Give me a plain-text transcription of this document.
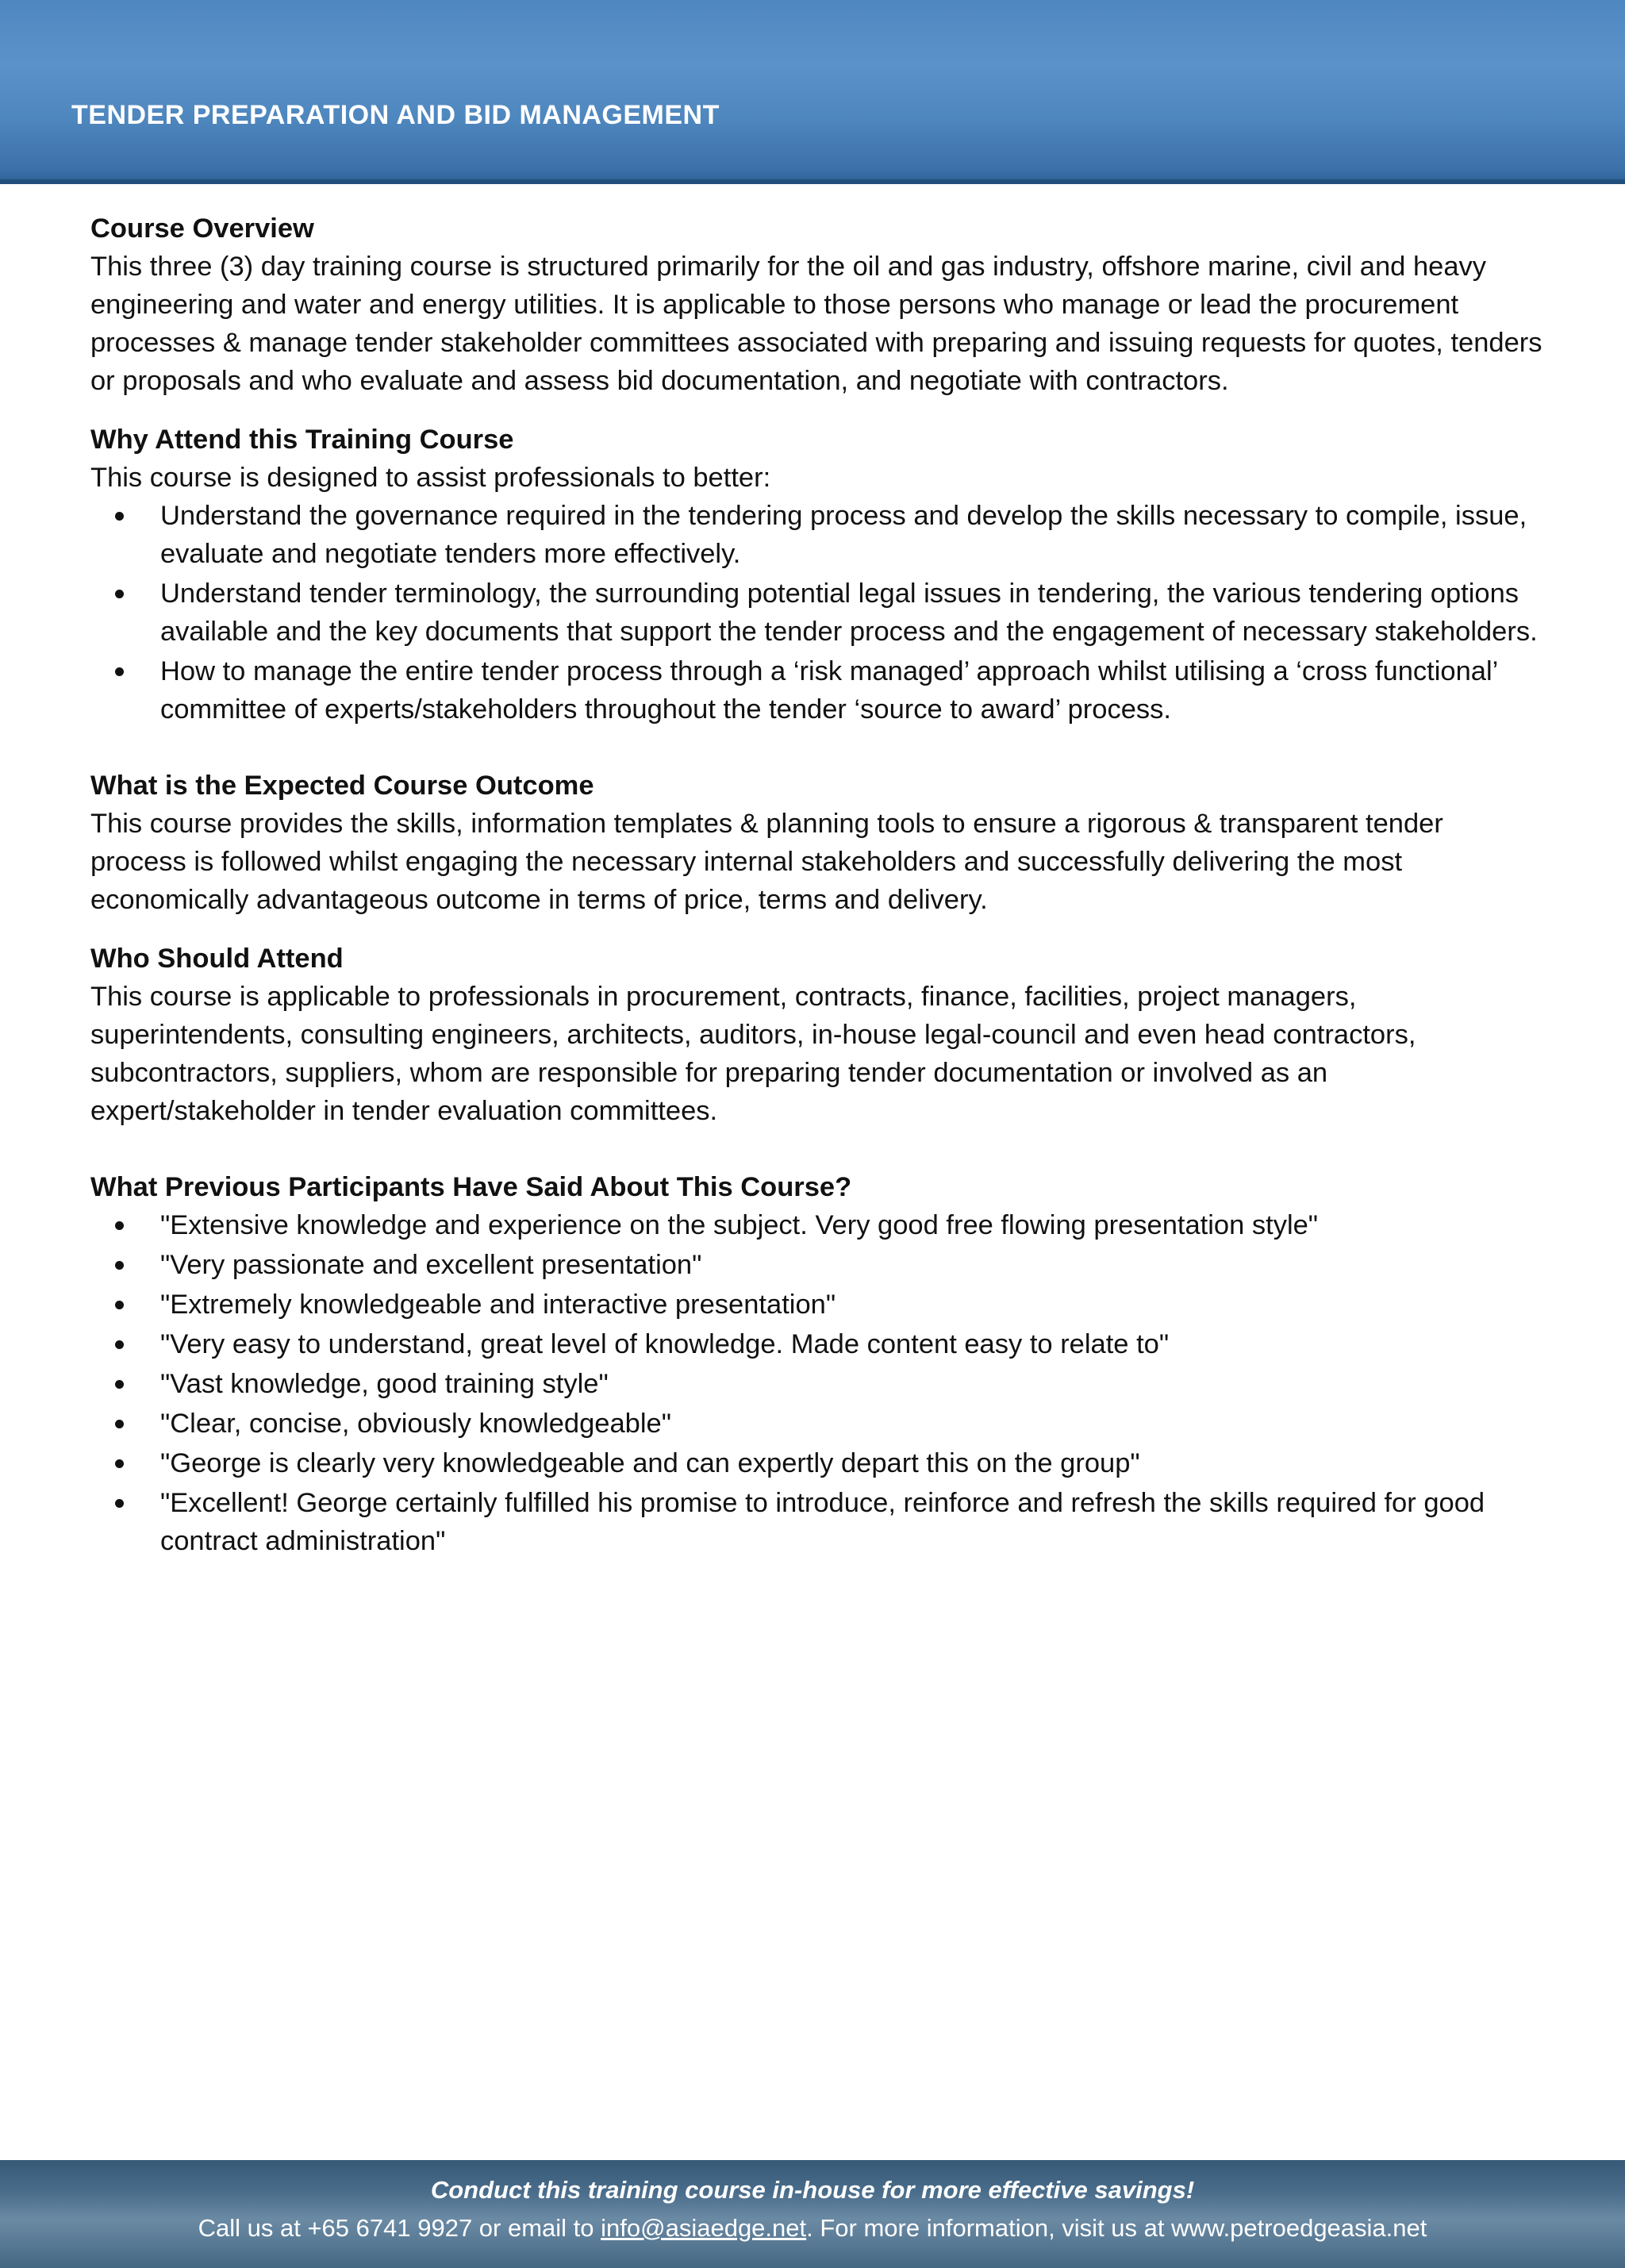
TENDER PREPARATION AND BID MANAGEMENT
Course Overview

This three (3) day training course is structured primarily for the oil and gas industry, offshore marine, civil and heavy engineering and water and energy utilities. It is applicable to those persons who manage or lead the procurement processes & manage tender stakeholder committees associated with preparing and issuing requests for quotes, tenders or proposals and who evaluate and assess bid documentation, and negotiate with contractors.

Why Attend this Training Course

This course is designed to assist professionals to better:

Understand the governance required in the tendering process and develop the skills necessary to compile, issue, evaluate and negotiate tenders more effectively.
Understand tender terminology, the surrounding potential legal issues in tendering, the various tendering options available and the key documents that support the tender process and the engagement of necessary stakeholders.
How to manage the entire tender process through a ‘risk managed’ approach whilst utilising a ‘cross functional’ committee of experts/stakeholders throughout the tender ‘source to award’ process.
What is the Expected Course Outcome

This course provides the skills, information templates & planning tools to ensure a rigorous & transparent tender process is followed whilst engaging the necessary internal stakeholders and successfully delivering the most economically advantageous outcome in terms of price, terms and delivery.

Who Should Attend

This course is applicable to professionals in procurement, contracts, finance, facilities, project managers, superintendents, consulting engineers, architects, auditors, in-house legal-council and even head contractors, subcontractors, suppliers, whom are responsible for preparing tender documentation or involved as an expert/stakeholder in tender evaluation committees.

What Previous Participants Have Said About This Course?
"Extensive knowledge and experience on the subject. Very good free flowing presentation style"
"Very passionate and excellent presentation"
"Extremely knowledgeable and interactive presentation"
"Very easy to understand, great level of knowledge. Made content easy to relate to"
"Vast knowledge, good training style"
"Clear, concise, obviously knowledgeable"
"George is clearly very knowledgeable and can expertly depart this on the group"
"Excellent! George certainly fulfilled his promise to introduce, reinforce and refresh the skills required for good contract administration"
Conduct this training course in-house for more effective savings!
Call us at +65 6741 9927 or email to info@asiaedge.net. For more information, visit us at www.petroedgeasia.net
